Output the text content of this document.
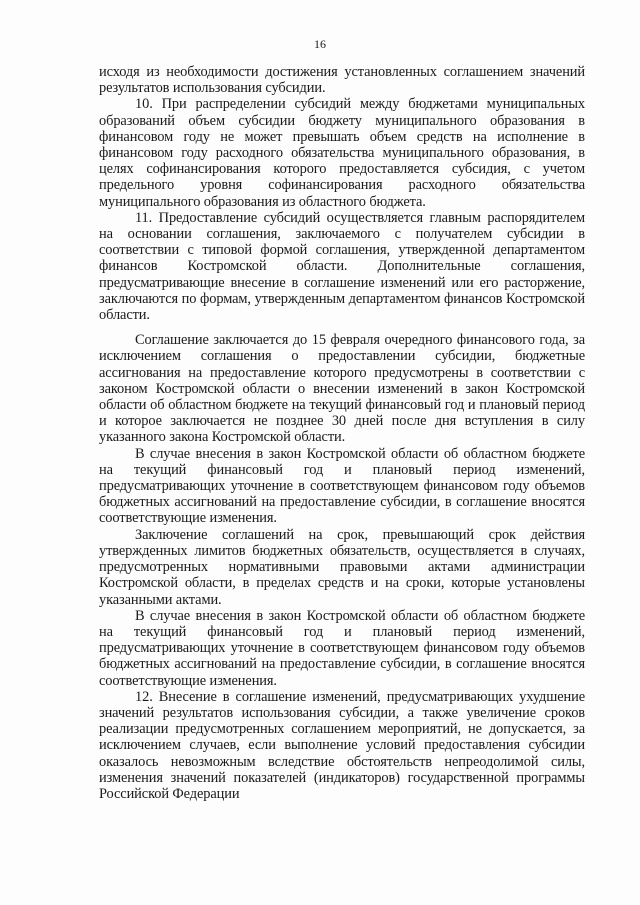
16

исходя из необходимости достижения установленных соглашением значений результатов использования субсидии.

10. При распределении субсидий между бюджетами муниципальных образований объем субсидии бюджету муниципального образования в финансовом году не может превышать объем средств на исполнение в финансовом году расходного обязательства муниципального образования, в целях софинансирования которого предоставляется субсидия, с учетом предельного уровня софинансирования расходного обязательства муниципального образования из областного бюджета.

11. Предоставление субсидий осуществляется главным распорядителем на основании соглашения, заключаемого с получателем субсидии в соответствии с типовой формой соглашения, утвержденной департаментом финансов Костромской области. Дополнительные соглашения, предусматривающие внесение в соглашение изменений или его расторжение, заключаются по формам, утвержденным департаментом финансов Костромской области.

Соглашение заключается до 15 февраля очередного финансового года, за исключением соглашения о предоставлении субсидии, бюджетные ассигнования на предоставление которого предусмотрены в соответствии с законом Костромской области о внесении изменений в закон Костромской области об областном бюджете на текущий финансовый год и плановый период и которое заключается не позднее 30 дней после дня вступления в силу указанного закона Костромской области.

В случае внесения в закон Костромской области об областном бюджете на текущий финансовый год и плановый период изменений, предусматривающих уточнение в соответствующем финансовом году объемов бюджетных ассигнований на предоставление субсидии, в соглашение вносятся соответствующие изменения.

Заключение соглашений на срок, превышающий срок действия утвержденных лимитов бюджетных обязательств, осуществляется в случаях, предусмотренных нормативными правовыми актами администрации Костромской области, в пределах средств и на сроки, которые установлены указанными актами.

В случае внесения в закон Костромской области об областном бюджете на текущий финансовый год и плановый период изменений, предусматривающих уточнение в соответствующем финансовом году объемов бюджетных ассигнований на предоставление субсидии, в соглашение вносятся соответствующие изменения.

12. Внесение в соглашение изменений, предусматривающих ухудшение значений результатов использования субсидии, а также увеличение сроков реализации предусмотренных соглашением мероприятий, не допускается, за исключением случаев, если выполнение условий предоставления субсидии оказалось невозможным вследствие обстоятельств непреодолимой силы, изменения значений показателей (индикаторов) государственной программы Российской Федерации
